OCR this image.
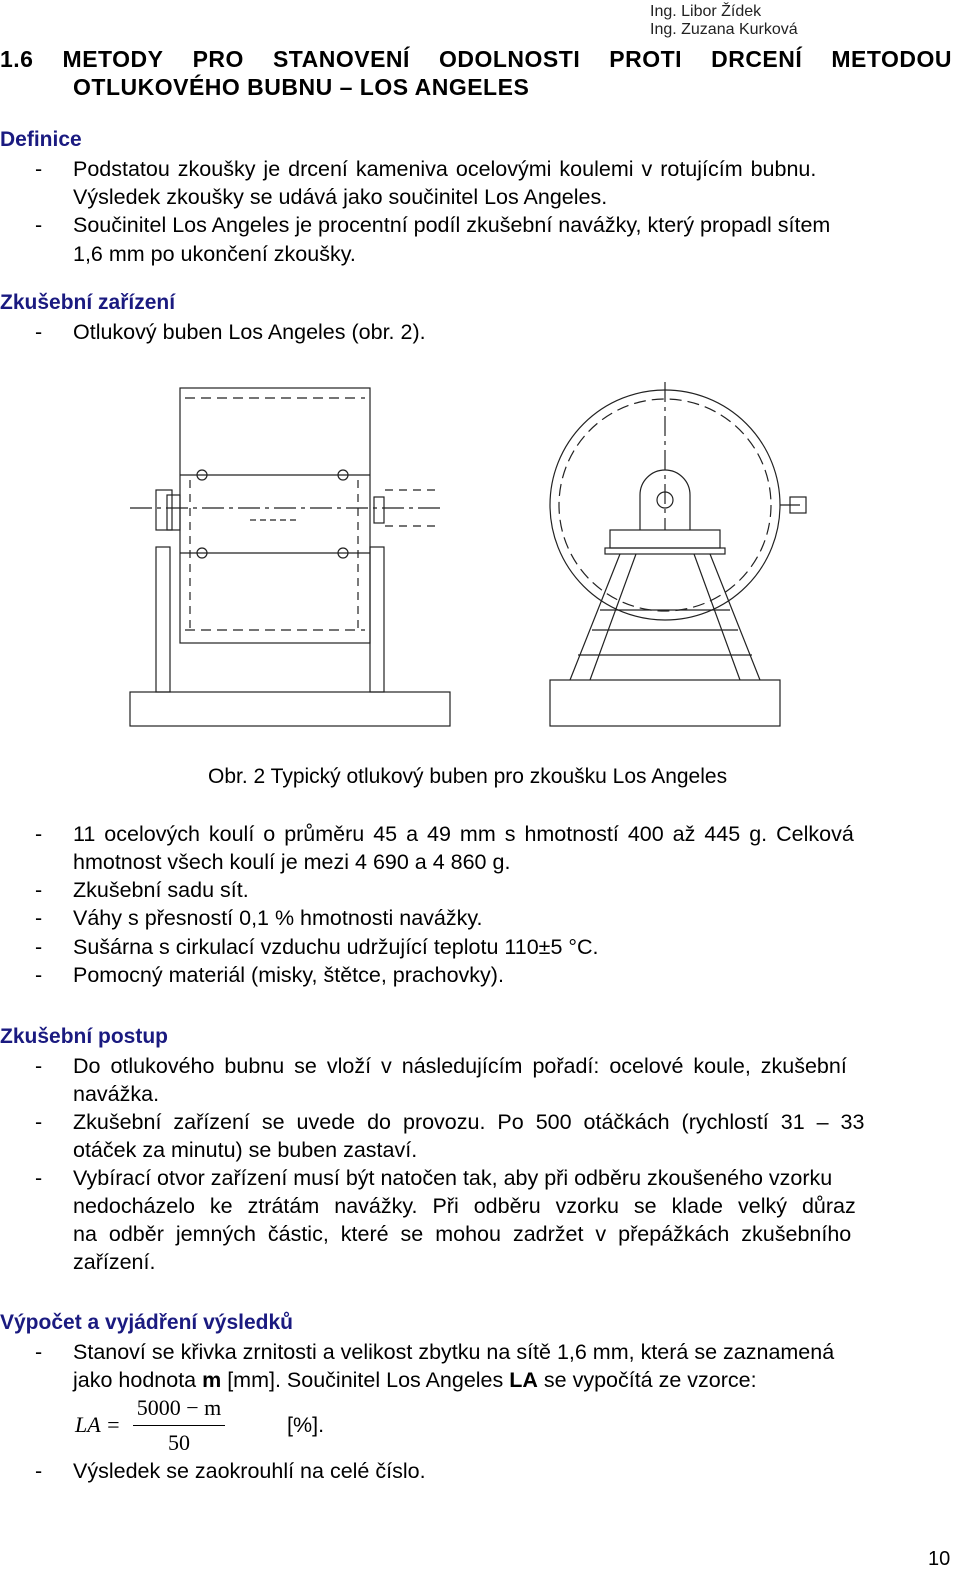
Ing. Libor Žídek
Ing. Zuzana Kurková
1.6 METODY PRO STANOVENÍ ODOLNOSTI PROTI DRCENÍ METODOU
OTLUKOVÉHO BUBNU – LOS ANGELES
Definice
-	Podstatou zkoušky je drcení kameniva ocelovými koulemi v rotujícím bubnu.
Výsledek zkoušky se udává jako součinitel Los Angeles.
-	Součinitel Los Angeles je procentní podíl zkušební navážky, který propadl sítem
1,6 mm po ukončení zkoušky.
Zkušební zařízení
-	Otlukový buben Los Angeles (obr. 2).
Obr. 2 Typický otlukový buben pro zkoušku Los Angeles
-	11 ocelových koulí o průměru 45 a 49 mm s hmotností 400 až 445 g. Celková
hmotnost všech koulí je mezi 4 690 a 4 860 g.
-	Zkušební sadu sít.
-	Váhy s přesností 0,1 % hmotnosti navážky.
-	Sušárna s cirkulací vzduchu udržující teplotu 110±5 °C.
-	Pomocný materiál (misky, štětce, prachovky).
Zkušební postup
-	Do otlukového bubnu se vloží v následujícím pořadí: ocelové koule, zkušební
navážka.
-	Zkušební zařízení se uvede do provozu. Po 500 otáčkách (rychlostí 31 – 33
otáček za minutu) se buben zastaví.
-	Vybírací otvor zařízení musí být natočen tak, aby při odběru zkoušeného vzorku
nedocházelo ke ztrátám navážky. Při odběru vzorku se klade velký důraz
na odběr jemných částic, které se mohou zadržet v přepážkách zkušebního
zařízení.
Výpočet a vyjádření výsledků
-	Stanoví se křivka zrnitosti a velikost zbytku na sítě 1,6 mm, která se zaznamená
jako hodnota m [mm]. Součinitel Los Angeles LA se vypočítá ze vzorce:
LA =
5000 − m
50
[%].
-	Výsledek se zaokrouhlí na celé číslo.
10
